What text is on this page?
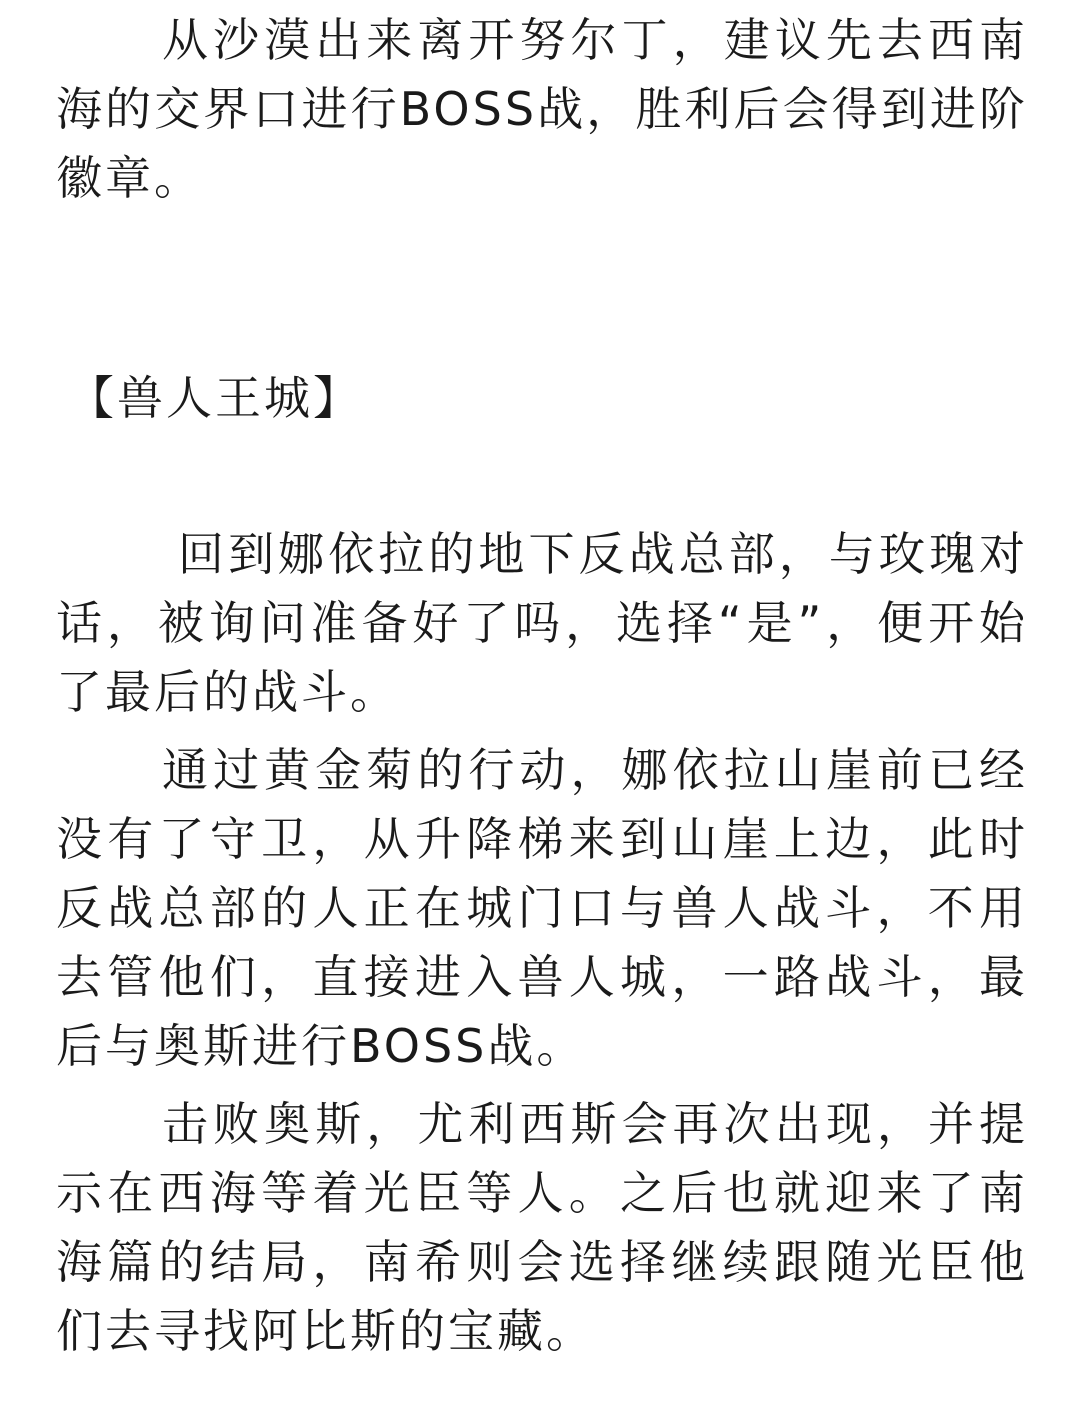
从沙漠出来离开努尔丁，建议先去西南海的交界口进行BOSS战，胜利后会得到进阶徽章。

【兽人王城】

回到娜依拉的地下反战总部，与玫瑰对话，被询问准备好了吗，选择“是”，便开始了最后的战斗。

通过黄金菊的行动，娜依拉山崖前已经没有了守卫，从升降梯来到山崖上边，此时反战总部的人正在城门口与兽人战斗，不用去管他们，直接进入兽人城，一路战斗，最后与奥斯进行BOSS战。

击败奥斯，尤利西斯会再次出现，并提示在西海等着光臣等人。之后也就迎来了南海篇的结局，南希则会选择继续跟随光臣他们去寻找阿比斯的宝藏。
